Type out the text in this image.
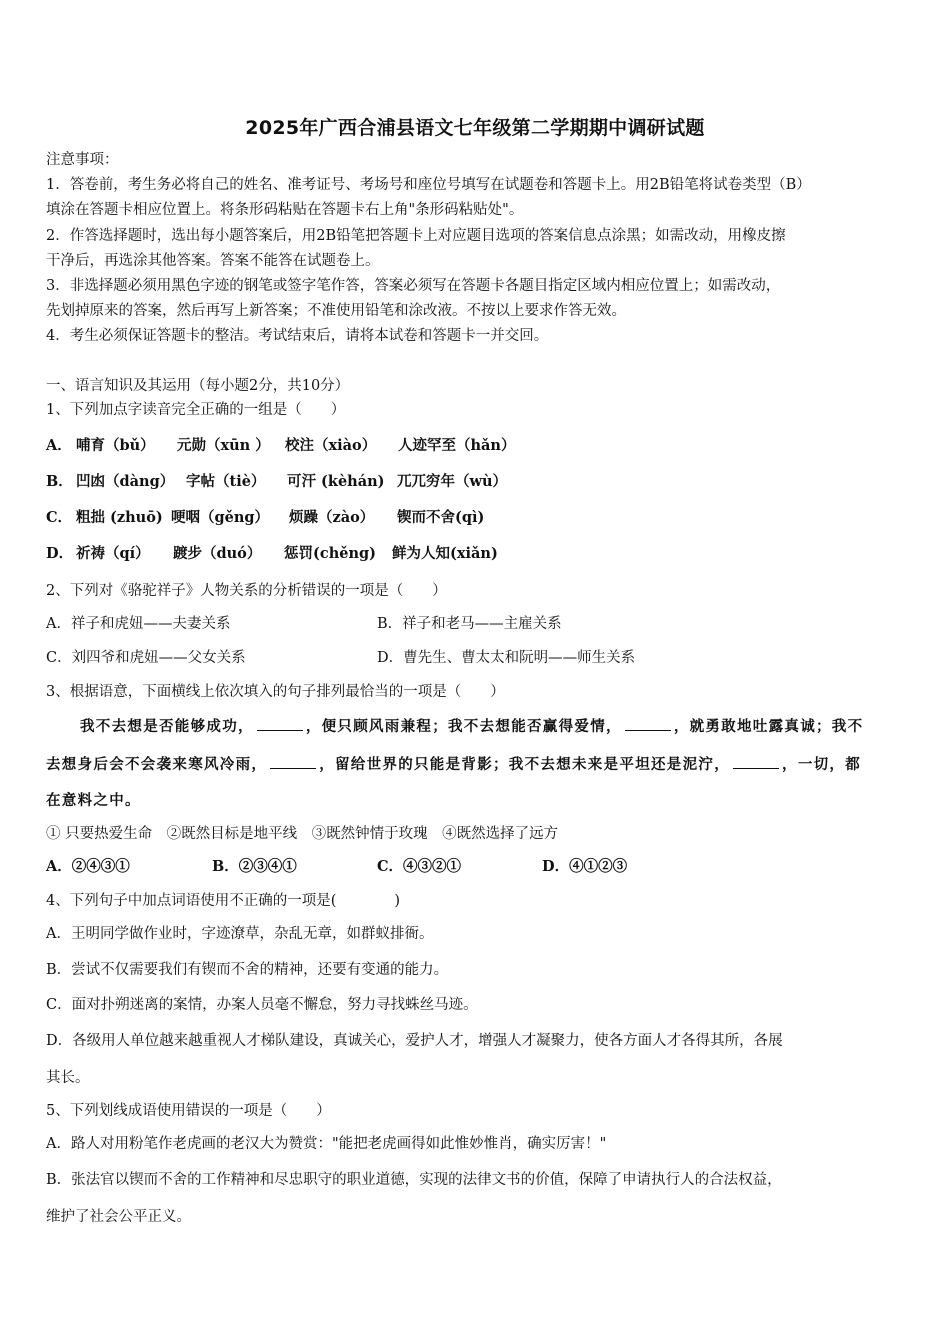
2025年广西合浦县语文七年级第二学期期中调研试题
注意事项：
1．答卷前，考生务必将自己的姓名、准考证号、考场号和座位号填写在试题卷和答题卡上。用2B铅笔将试卷类型（B）
填涂在答题卡相应位置上。将条形码粘贴在答题卡右上角"条形码粘贴处"。
2．作答选择题时，选出每小题答案后，用2B铅笔把答题卡上对应题目选项的答案信息点涂黑；如需改动，用橡皮擦
干净后，再选涂其他答案。答案不能答在试题卷上。
3．非选择题必须用黑色字迹的钢笔或签字笔作答，答案必须写在答题卡各题目指定区域内相应位置上；如需改动，
先划掉原来的答案，然后再写上新答案；不准使用铅笔和涂改液。不按以上要求作答无效。
4．考生必须保证答题卡的整洁。考试结束后，请将本试卷和答题卡一并交回。
一、语言知识及其运用（每小题2分，共10分）
1、下列加点字读音完全正确的一组是（　　）
A． 哺育（bǔ） 元勋（xūn ） 校注（xiào） 人迹罕至（hǎn）
B． 凹凼（dàng） 字帖（tiè） 可汗 (kèhán) 兀兀穷年（wù）
C． 粗拙 (zhuō) 哽咽（gěng） 烦躁（zào） 锲而不舍(qì)
D． 祈祷（qí） 踱步（duó） 惩罚(chěng) 鲜为人知(xiǎn)
2、下列对《骆驼祥子》人物关系的分析错误的一项是（　　）
A．祥子和虎妞——夫妻关系	B．祥子和老马——主雇关系
C．刘四爷和虎妞——父女关系	D．曹先生、曹太太和阮明——师生关系
3、根据语意，下面横线上依次填入的句子排列最恰当的一项是（　　）
我不去想是否能够成功，	，便只顾风雨兼程；我不去想能否赢得爱情，	，就勇敢地吐露真诚；我不
去想身后会不会袭来寒风冷雨，	，留给世界的只能是背影；我不去想未来是平坦还是泥泞，	，一切，都
在意料之中。
① 只要热爱生命　②既然目标是地平线　③既然钟情于玫瑰　④既然选择了远方
A．②④③①	B．②③④①	C．④③②①	D．④①②③
4、下列句子中加点词语使用不正确的一项是(　　　　)
A．王明同学做作业时，字迹潦草，杂乱无章，如群蚁排衙。
B．尝试不仅需要我们有锲而不舍的精神，还要有变通的能力。
C．面对扑朔迷离的案情，办案人员毫不懈怠，努力寻找蛛丝马迹。
D．各级用人单位越来越重视人才梯队建设，真诚关心，爱护人才，增强人才凝聚力，使各方面人才各得其所，各展
其长。
5、下列划线成语使用错误的一项是（　　）
A．路人对用粉笔作老虎画的老汉大为赞赏："能把老虎画得如此惟妙惟肖，确实厉害！"
B．张法官以锲而不舍的工作精神和尽忠职守的职业道德，实现的法律文书的价值，保障了申请执行人的合法权益，
维护了社会公平正义。
